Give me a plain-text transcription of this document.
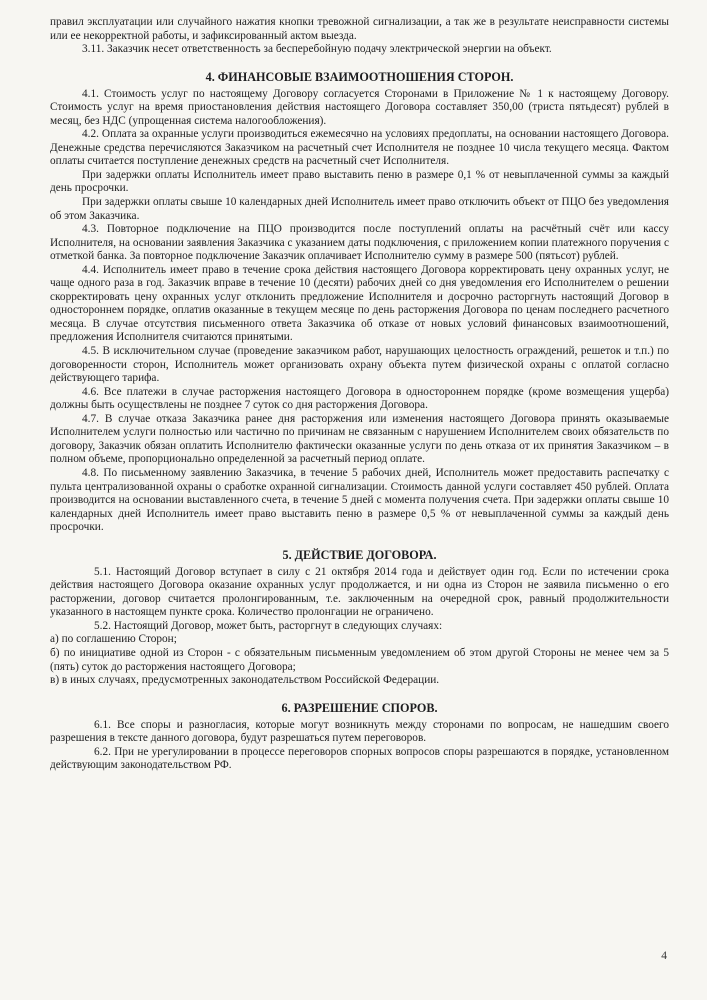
правил эксплуатации или случайного нажатия кнопки тревожной сигнализации, а так же в результате неисправности системы или ее некорректной работы, и зафиксированный актом выезда.

3.11. Заказчик несет ответственность за бесперебойную подачу электрической энергии на объект.

4. ФИНАНСОВЫЕ ВЗАИМООТНОШЕНИЯ СТОРОН.

4.1. Стоимость услуг по настоящему Договору согласуется Сторонами в Приложение № 1 к настоящему Договору. Стоимость услуг на время приостановления действия настоящего Договора составляет 350,00 (триста пятьдесят) рублей в месяц, без НДС (упрощенная система налогообложения).

4.2. Оплата за охранные услуги производиться ежемесячно на условиях предоплаты, на основании настоящего Договора. Денежные средства перечисляются Заказчиком на расчетный счет Исполнителя не позднее 10 числа текущего месяца. Фактом оплаты считается поступление денежных средств на расчетный счет Исполнителя.

При задержки оплаты Исполнитель имеет право выставить пеню в размере 0,1 % от невыплаченной суммы за каждый день просрочки.

При задержки оплаты свыше 10 календарных дней Исполнитель имеет право отключить объект от ПЦО без уведомления об этом Заказчика.

4.3. Повторное подключение на ПЦО производится после поступлений оплаты на расчётный счёт или кассу Исполнителя, на основании заявления Заказчика с указанием даты подключения, с приложением копии платежного поручения с отметкой банка. За повторное подключение Заказчик оплачивает Исполнителю сумму в размере 500 (пятьсот) рублей.

4.4. Исполнитель имеет право в течение срока действия настоящего Договора корректировать цену охранных услуг, не чаще одного раза в год. Заказчик вправе в течение 10 (десяти) рабочих дней со дня уведомления его Исполнителем о решении скорректировать цену охранных услуг отклонить предложение Исполнителя и досрочно расторгнуть настоящий Договор в одностороннем порядке, оплатив оказанные в текущем месяце по день расторжения Договора по ценам последнего расчетного месяца. В случае отсутствия письменного ответа Заказчика об отказе от новых условий финансовых взаимоотношений, предложения Исполнителя считаются принятыми.

4.5. В исключительном случае (проведение заказчиком работ, нарушающих целостность ограждений, решеток и т.п.) по договоренности сторон, Исполнитель может организовать охрану объекта путем физической охраны с оплатой согласно действующего тарифа.

4.6. Все платежи в случае расторжения настоящего Договора в одностороннем порядке (кроме возмещения ущерба) должны быть осуществлены не позднее 7 суток со дня расторжения Договора.

4.7. В случае отказа Заказчика ранее дня расторжения или изменения настоящего Договора принять оказываемые Исполнителем услуги полностью или частично по причинам не связанным с нарушением Исполнителем своих обязательств по договору, Заказчик обязан оплатить Исполнителю фактически оказанные услуги по день отказа от их принятия Заказчиком – в полном объеме, пропорционально определенной за расчетный период оплате.

4.8. По письменному заявлению Заказчика, в течение 5 рабочих дней, Исполнитель может предоставить распечатку с пульта централизованной охраны о сработке охранной сигнализации. Стоимость данной услуги составляет 450 рублей. Оплата производится на основании выставленного счета, в течение 5 дней с момента получения счета. При задержки оплаты свыше 10 календарных дней Исполнитель имеет право выставить пеню в размере 0,5 % от невыплаченной суммы за каждый день просрочки.

5. ДЕЙСТВИЕ ДОГОВОРА.

5.1. Настоящий Договор вступает в силу с 21 октября 2014 года и действует один год. Если по истечении срока действия настоящего Договора оказание охранных услуг продолжается, и ни одна из Сторон не заявила письменно о его расторжении, договор считается пролонгированным, т.е. заключенным на очередной срок, равный продолжительности указанного в настоящем пункте срока. Количество пролонгации не ограничено.

5.2. Настоящий Договор, может быть, расторгнут в следующих случаях:

а) по соглашению Сторон;

б) по инициативе одной из Сторон - с обязательным письменным уведомлением об этом другой Стороны не менее чем за 5 (пять) суток до расторжения настоящего Договора;

в) в иных случаях, предусмотренных законодательством Российской Федерации.

6. РАЗРЕШЕНИЕ СПОРОВ.

6.1. Все споры и разногласия, которые могут возникнуть между сторонами по вопросам, не нашедшим своего разрешения в тексте данного договора, будут разрешаться путем переговоров.

6.2. При не урегулировании в процессе переговоров спорных вопросов споры разрешаются в порядке, установленном действующим законодательством РФ.

4
